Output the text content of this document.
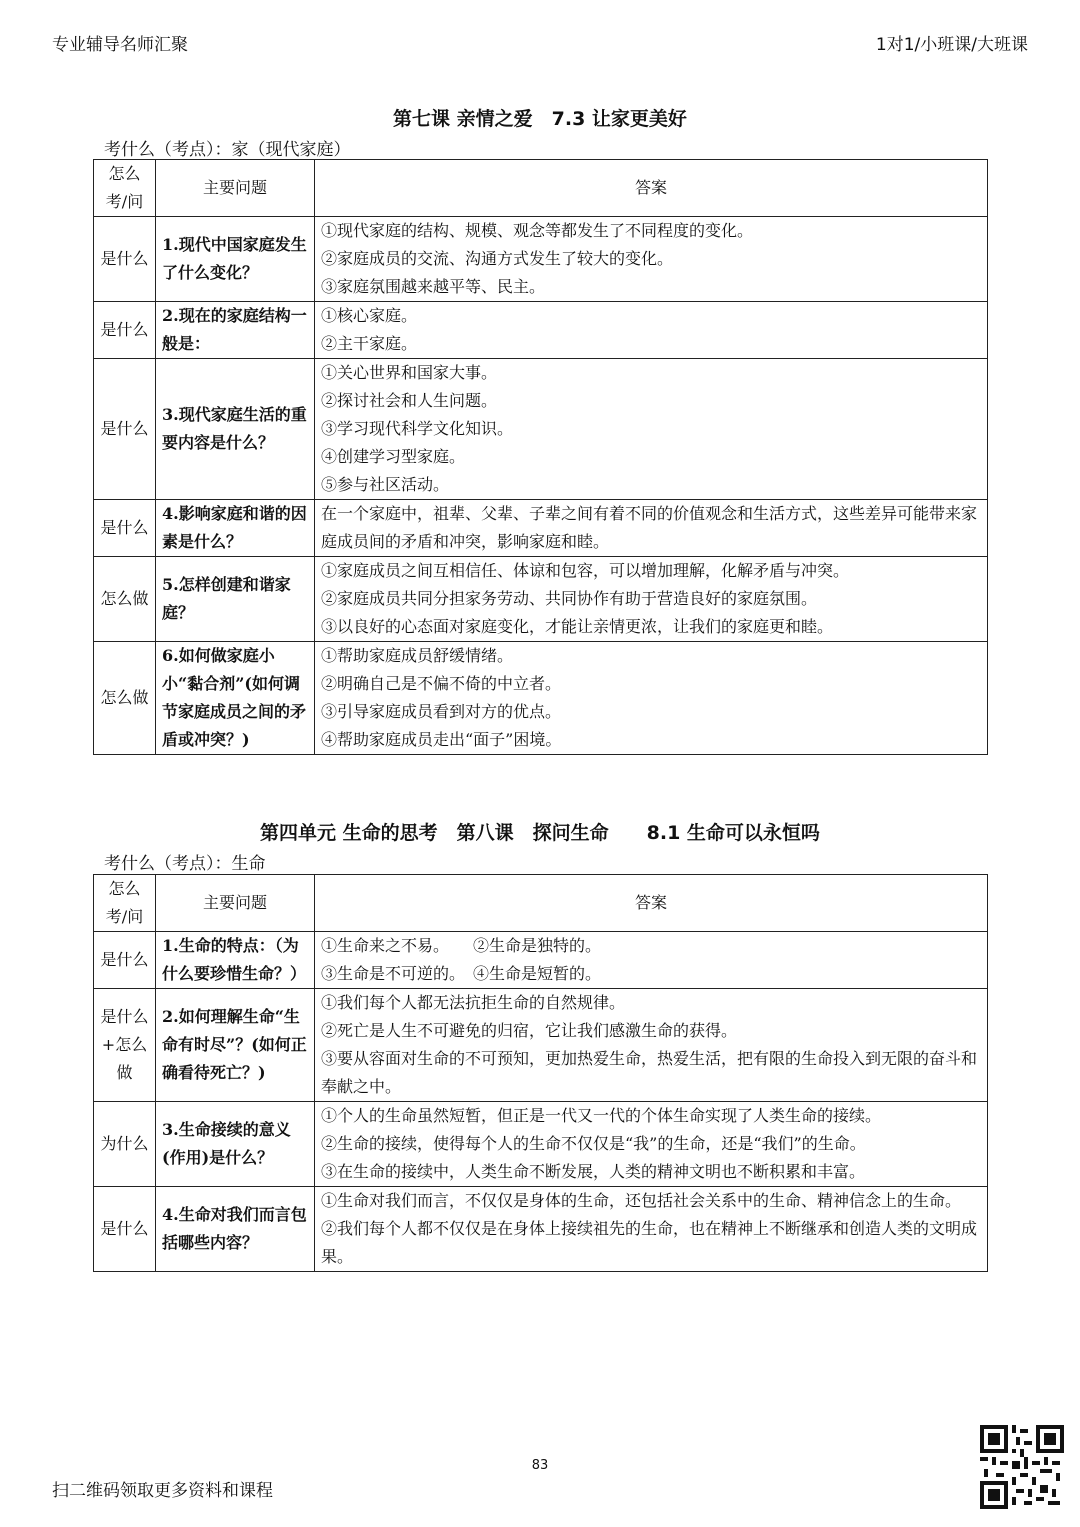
专业辅导名师汇聚	1对1/小班课/大班课
第七课 亲情之爱　7.3 让家更美好
考什么（考点）：家（现代家庭）
怎么考/问	主要问题	答案

是什么	1.现代中国家庭发生了什么变化？	①现代家庭的结构、规模、观念等都发生了不同程度的变化。
②家庭成员的交流、沟通方式发生了较大的变化。
③家庭氛围越来越平等、民主。

是什么	2.现在的家庭结构一般是：	①核心家庭。
②主干家庭。

是什么	3.现代家庭生活的重要内容是什么？	①关心世界和国家大事。
②探讨社会和人生问题。
③学习现代科学文化知识。
④创建学习型家庭。
⑤参与社区活动。

是什么	4.影响家庭和谐的因素是什么？	在一个家庭中，祖辈、父辈、子辈之间有着不同的价值观念和生活方式，这些差异可能带来家庭成员间的矛盾和冲突，影响家庭和睦。

怎么做	5.怎样创建和谐家庭？	①家庭成员之间互相信任、体谅和包容，可以增加理解，化解矛盾与冲突。
②家庭成员共同分担家务劳动、共同协作有助于营造良好的家庭氛围。
③以良好的心态面对家庭变化，才能让亲情更浓，让我们的家庭更和睦。

怎么做	6.如何做家庭小小“黏合剂”(如何调节家庭成员之间的矛盾或冲突？)	①帮助家庭成员舒缓情绪。
②明确自己是不偏不倚的中立者。
③引导家庭成员看到对方的优点。
④帮助家庭成员走出“面子”困境。
第四单元 生命的思考　第八课　探问生命　　8.1 生命可以永恒吗
考什么（考点）：生命
怎么考/问	主要问题	答案

是什么	1.生命的特点：（为什么要珍惜生命？）	①生命来之不易。　　②生命是独特的。
③生命是不可逆的。　④生命是短暂的。

是什么+怎么做	2.如何理解生命“生命有时尽”？(如何正确看待死亡？)	①我们每个人都无法抗拒生命的自然规律。
②死亡是人生不可避免的归宿，它让我们感激生命的获得。
③要从容面对生命的不可预知，更加热爱生命，热爱生活，把有限的生命投入到无限的奋斗和奉献之中。

为什么	3.生命接续的意义(作用)是什么？	①个人的生命虽然短暂，但正是一代又一代的个体生命实现了人类生命的接续。
②生命的接续，使得每个人的生命不仅仅是“我”的生命，还是“我们”的生命。
③在生命的接续中，人类生命不断发展，人类的精神文明也不断积累和丰富。

是什么	4.生命对我们而言包括哪些内容？	①生命对我们而言，不仅仅是身体的生命，还包括社会关系中的生命、精神信念上的生命。
②我们每个人都不仅仅是在身体上接续祖先的生命，也在精神上不断继承和创造人类的文明成果。
83
扫二维码领取更多资料和课程
